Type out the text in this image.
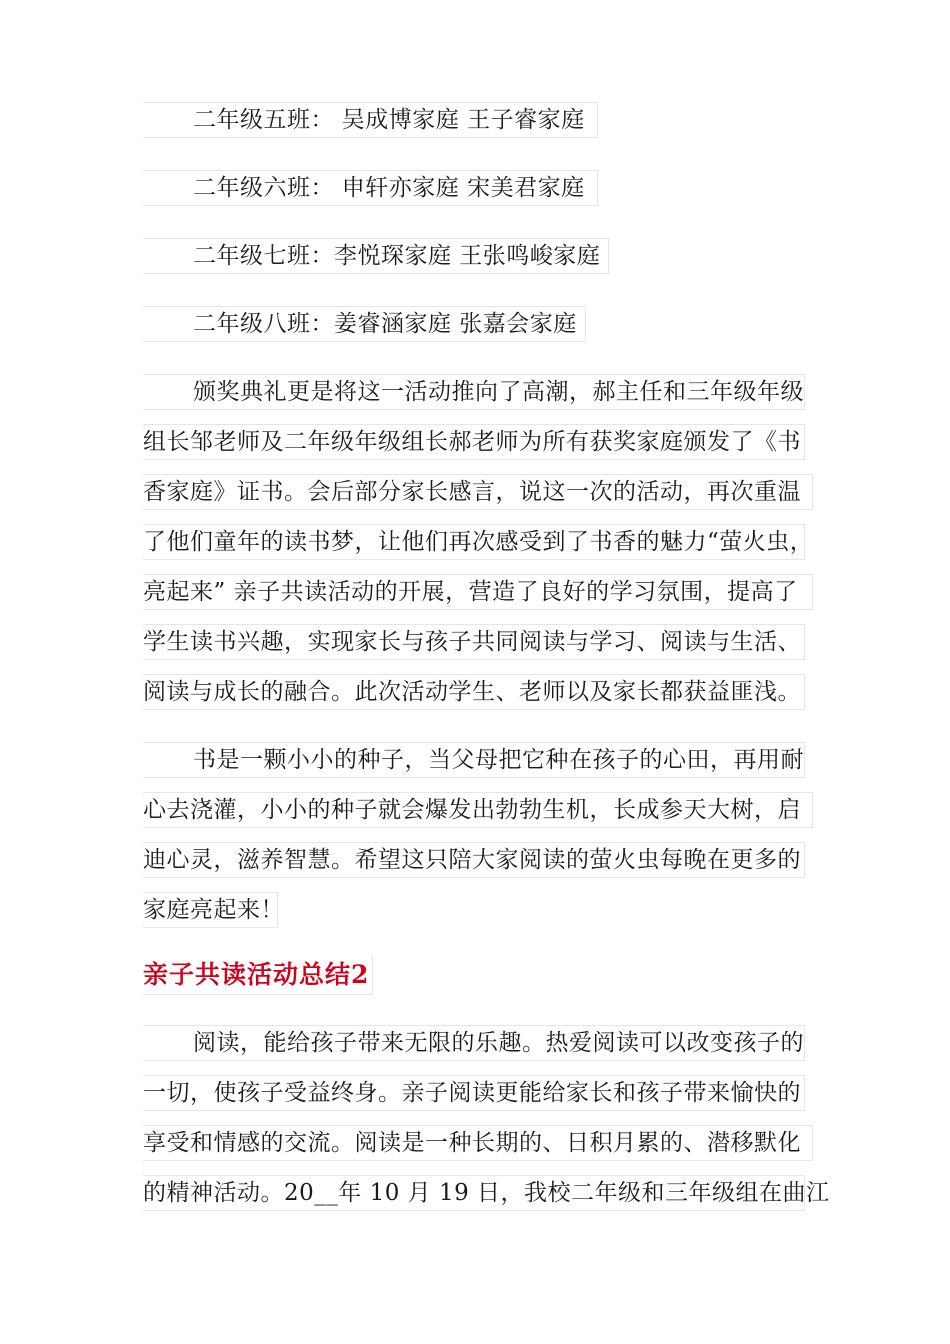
二年级五班： 吴成博家庭 王子睿家庭
二年级六班： 申轩亦家庭 宋美君家庭
二年级七班：李悦琛家庭 王张鸣峻家庭
二年级八班：姜睿涵家庭 张嘉会家庭
颁奖典礼更是将这一活动推向了高潮，郝主任和三年级年级
组长邹老师及二年级年级组长郝老师为所有获奖家庭颁发了《书
香家庭》证书。会后部分家长感言，说这一次的活动，再次重温
了他们童年的读书梦，让他们再次感受到了书香的魅力“萤火虫，
亮起来” 亲子共读活动的开展，营造了良好的学习氛围，提高了
学生读书兴趣，实现家长与孩子共同阅读与学习、阅读与生活、
阅读与成长的融合。此次活动学生、老师以及家长都获益匪浅。
书是一颗小小的种子，当父母把它种在孩子的心田，再用耐
心去浇灌，小小的种子就会爆发出勃勃生机，长成参天大树，启
迪心灵，滋养智慧。希望这只陪大家阅读的萤火虫每晚在更多的
家庭亮起来！
亲子共读活动总结2
阅读，能给孩子带来无限的乐趣。热爱阅读可以改变孩子的
一切，使孩子受益终身。亲子阅读更能给家长和孩子带来愉快的
享受和情感的交流。阅读是一种长期的、日积月累的、潜移默化
的精神活动。20__年 10 月 19 日，我校二年级和三年级组在曲江
